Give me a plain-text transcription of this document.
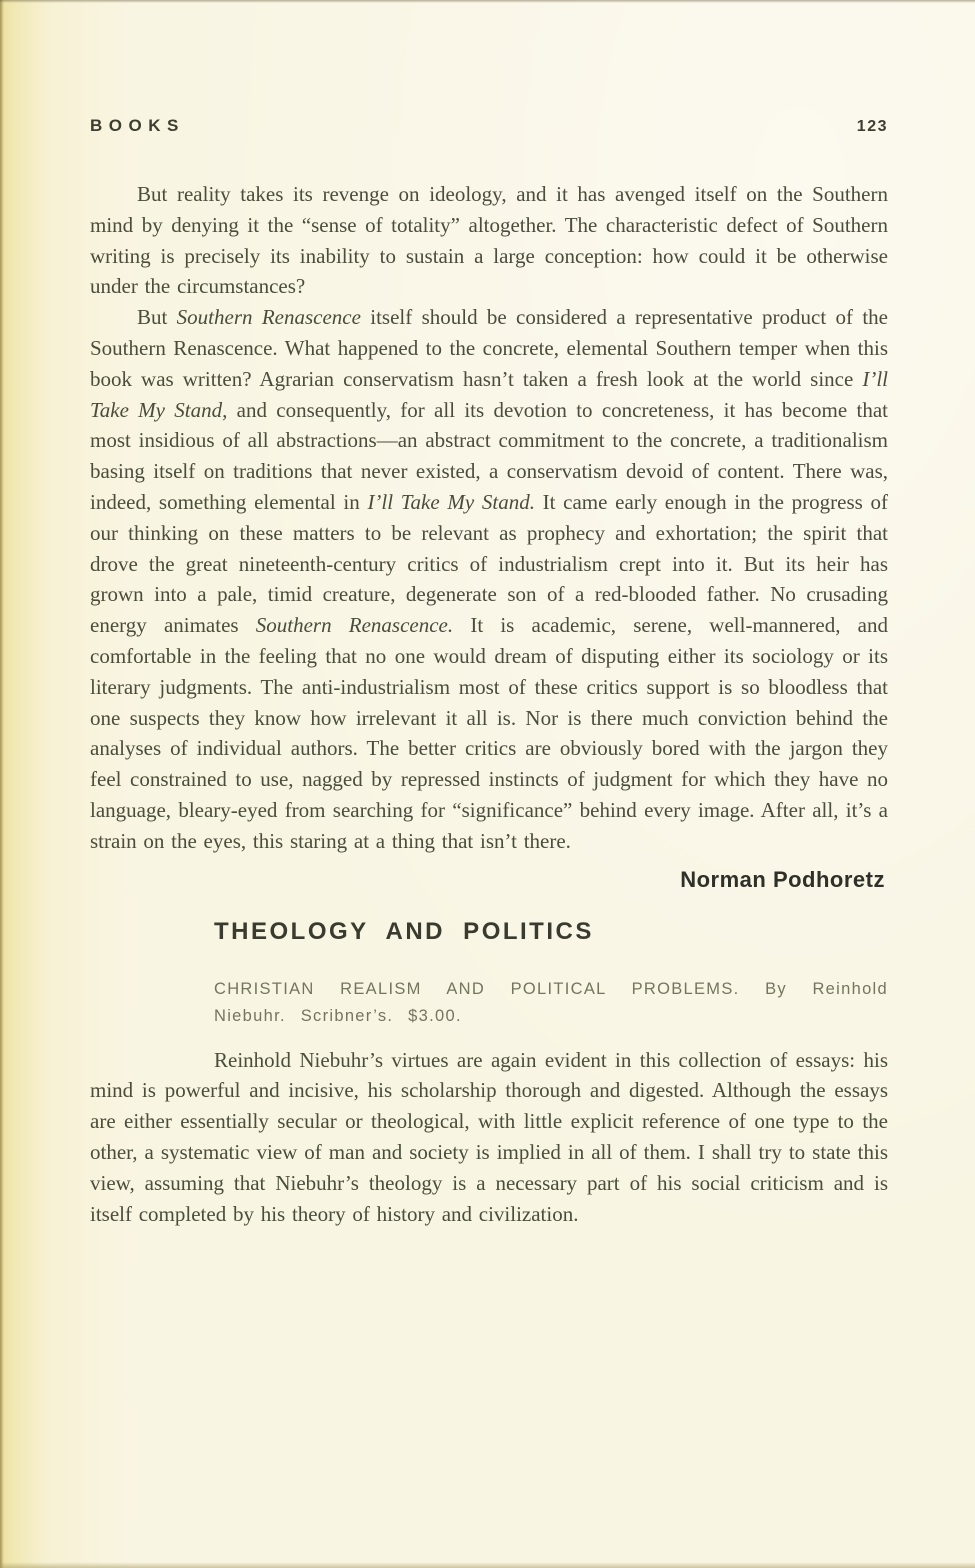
BOOKS	123

But reality takes its revenge on ideology, and it has avenged itself on the Southern mind by denying it the “sense of totality” altogether. The characteristic defect of Southern writing is precisely its inability to sustain a large conception: how could it be otherwise under the circumstances?

But Southern Renascence itself should be considered a representative product of the Southern Renascence. What happened to the concrete, elemental Southern temper when this book was written? Agrarian conservatism hasn’t taken a fresh look at the world since I’ll Take My Stand, and consequently, for all its devotion to concreteness, it has become that most insidious of all abstractions—an abstract commitment to the concrete, a traditionalism basing itself on traditions that never existed, a conservatism devoid of content. There was, indeed, something elemental in I’ll Take My Stand. It came early enough in the progress of our thinking on these matters to be relevant as prophecy and exhortation; the spirit that drove the great nineteenth-century critics of industrialism crept into it. But its heir has grown into a pale, timid creature, degenerate son of a red-blooded father. No crusading energy animates Southern Renascence. It is academic, serene, well-mannered, and comfortable in the feeling that no one would dream of disputing either its sociology or its literary judgments. The anti-industrialism most of these critics support is so bloodless that one suspects they know how irrelevant it all is. Nor is there much conviction behind the analyses of individual authors. The better critics are obviously bored with the jargon they feel constrained to use, nagged by repressed instincts of judgment for which they have no language, bleary-eyed from searching for “significance” behind every image. After all, it’s a strain on the eyes, this staring at a thing that isn’t there.

Norman Podhoretz
THEOLOGY AND POLITICS

CHRISTIAN REALISM AND POLITICAL PROBLEMS. By Reinhold Niebuhr. Scribner’s. $3.00.

Reinhold Niebuhr’s virtues are again evident in this collection of essays: his mind is powerful and incisive, his scholarship thorough and digested. Although the essays are either essentially secular or theological, with little explicit reference of one type to the other, a systematic view of man and society is implied in all of them. I shall try to state this view, assuming that Niebuhr’s theology is a necessary part of his social criticism and is itself completed by his theory of history and civilization.
